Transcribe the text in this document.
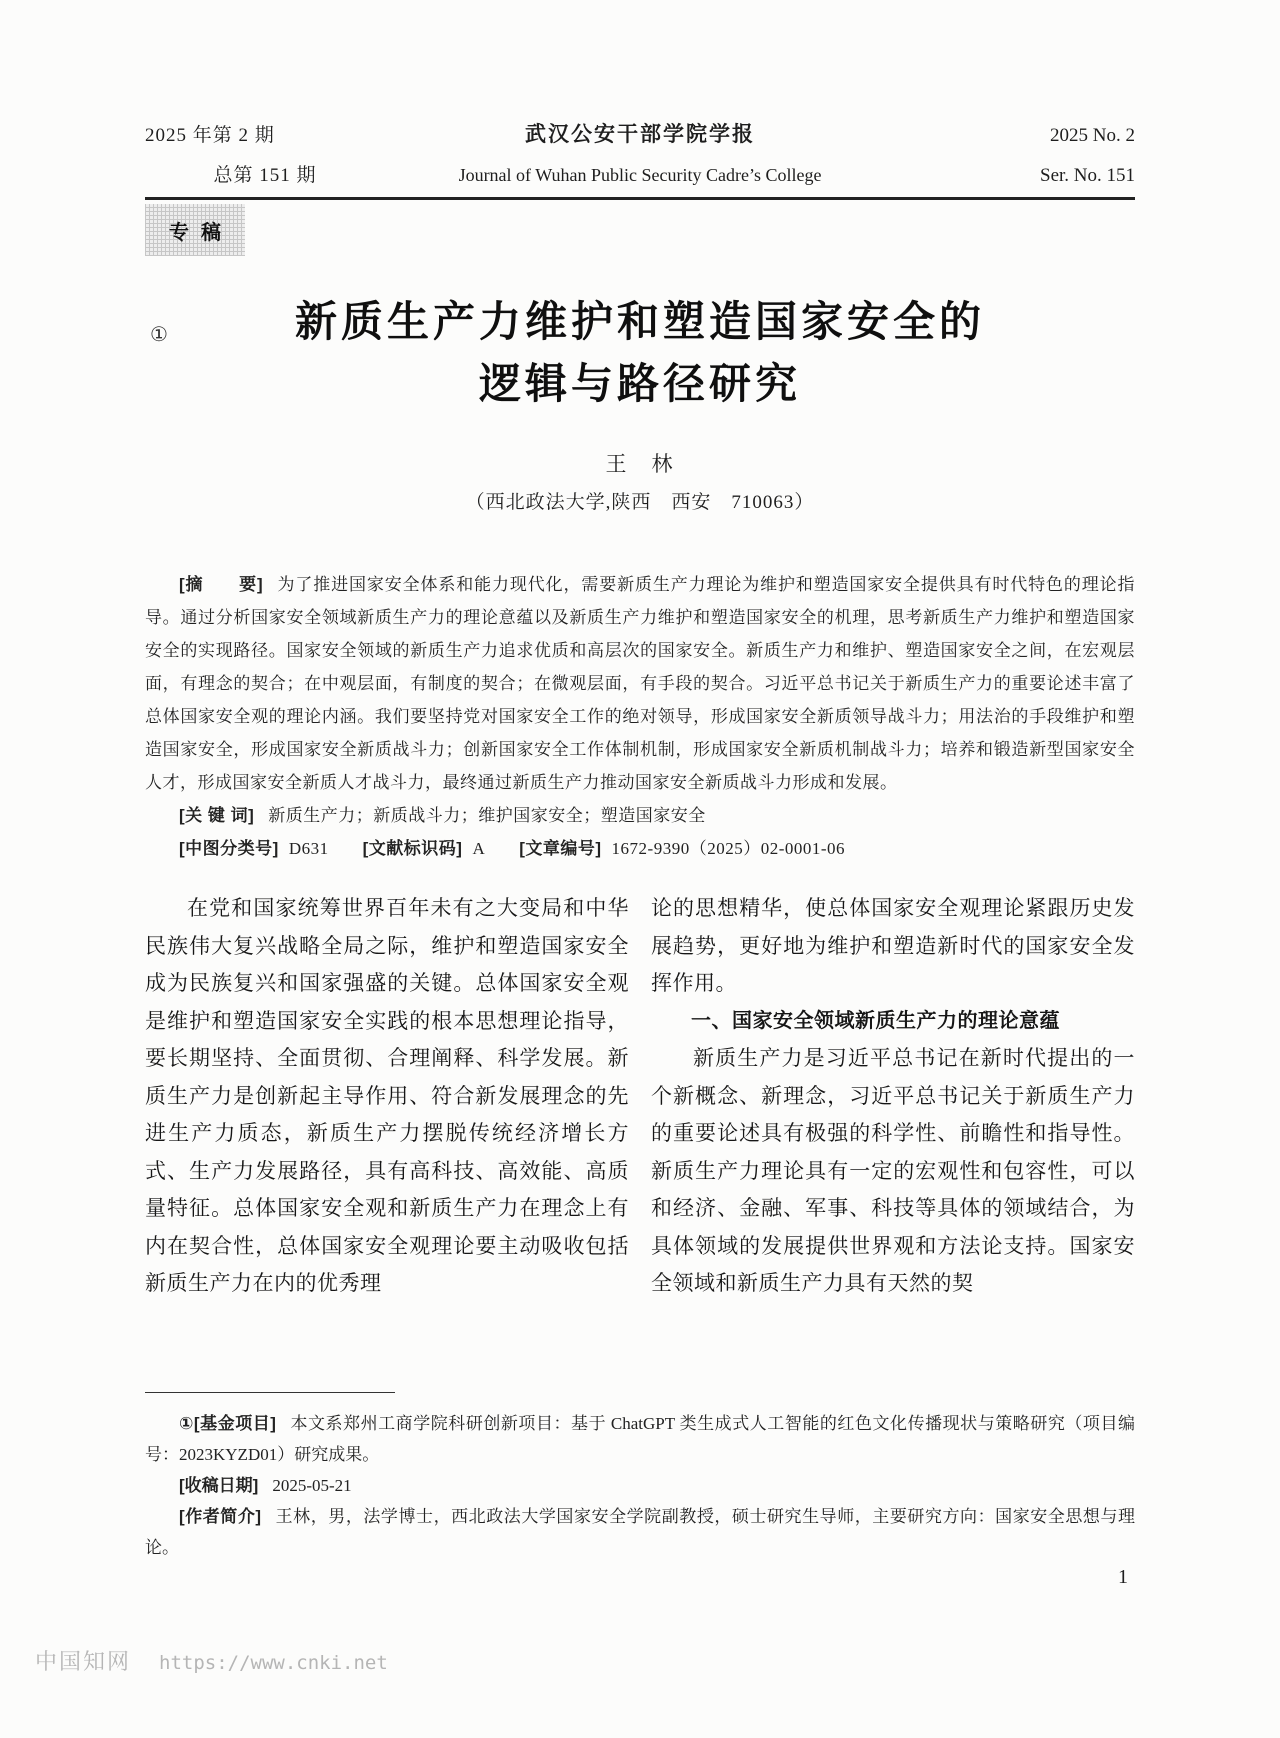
2025 年第 2 期	武汉公安干部学院学报	2025 No. 2
总第 151 期	Journal of Wuhan Public Security Cadre’s College	Ser. No. 151
专稿
①	新质生产力维护和塑造国家安全的
逻辑与路径研究
王　林
（西北政法大学,陕西　西安　710063）

[摘　　要] 为了推进国家安全体系和能力现代化，需要新质生产力理论为维护和塑造国家安全提供具有时代特色的理论指导。通过分析国家安全领域新质生产力的理论意蕴以及新质生产力维护和塑造国家安全的机理，思考新质生产力维护和塑造国家安全的实现路径。国家安全领域的新质生产力追求优质和高层次的国家安全。新质生产力和维护、塑造国家安全之间，在宏观层面，有理念的契合；在中观层面，有制度的契合；在微观层面，有手段的契合。习近平总书记关于新质生产力的重要论述丰富了总体国家安全观的理论内涵。我们要坚持党对国家安全工作的绝对领导，形成国家安全新质领导战斗力；用法治的手段维护和塑造国家安全，形成国家安全新质战斗力；创新国家安全工作体制机制，形成国家安全新质机制战斗力；培养和锻造新型国家安全人才，形成国家安全新质人才战斗力，最终通过新质生产力推动国家安全新质战斗力形成和发展。

[关 键 词] 新质生产力；新质战斗力；维护国家安全；塑造国家安全

[中图分类号] D631 [文献标识码] A [文章编号] 1672-9390（2025）02-0001-06

在党和国家统筹世界百年未有之大变局和中华民族伟大复兴战略全局之际，维护和塑造国家安全成为民族复兴和国家强盛的关键。总体国家安全观是维护和塑造国家安全实践的根本思想理论指导，要长期坚持、全面贯彻、合理阐释、科学发展。新质生产力是创新起主导作用、符合新发展理念的先进生产力质态，新质生产力摆脱传统经济增长方式、生产力发展路径，具有高科技、高效能、高质量特征。总体国家安全观和新质生产力在理念上有内在契合性，总体国家安全观理论要主动吸收包括新质生产力在内的优秀理

论的思想精华，使总体国家安全观理论紧跟历史发展趋势，更好地为维护和塑造新时代的国家安全发挥作用。

一、国家安全领域新质生产力的理论意蕴

新质生产力是习近平总书记在新时代提出的一个新概念、新理念，习近平总书记关于新质生产力的重要论述具有极强的科学性、前瞻性和指导性。新质生产力理论具有一定的宏观性和包容性，可以和经济、金融、军事、科技等具体的领域结合，为具体领域的发展提供世界观和方法论支持。国家安全领域和新质生产力具有天然的契

①[基金项目] 本文系郑州工商学院科研创新项目：基于 ChatGPT 类生成式人工智能的红色文化传播现状与策略研究（项目编号：2023KYZD01）研究成果。

[收稿日期] 2025-05-21

[作者简介] 王林，男，法学博士，西北政法大学国家安全学院副教授，硕士研究生导师，主要研究方向：国家安全思想与理论。

1
中国知网 https://www.cnki.net
